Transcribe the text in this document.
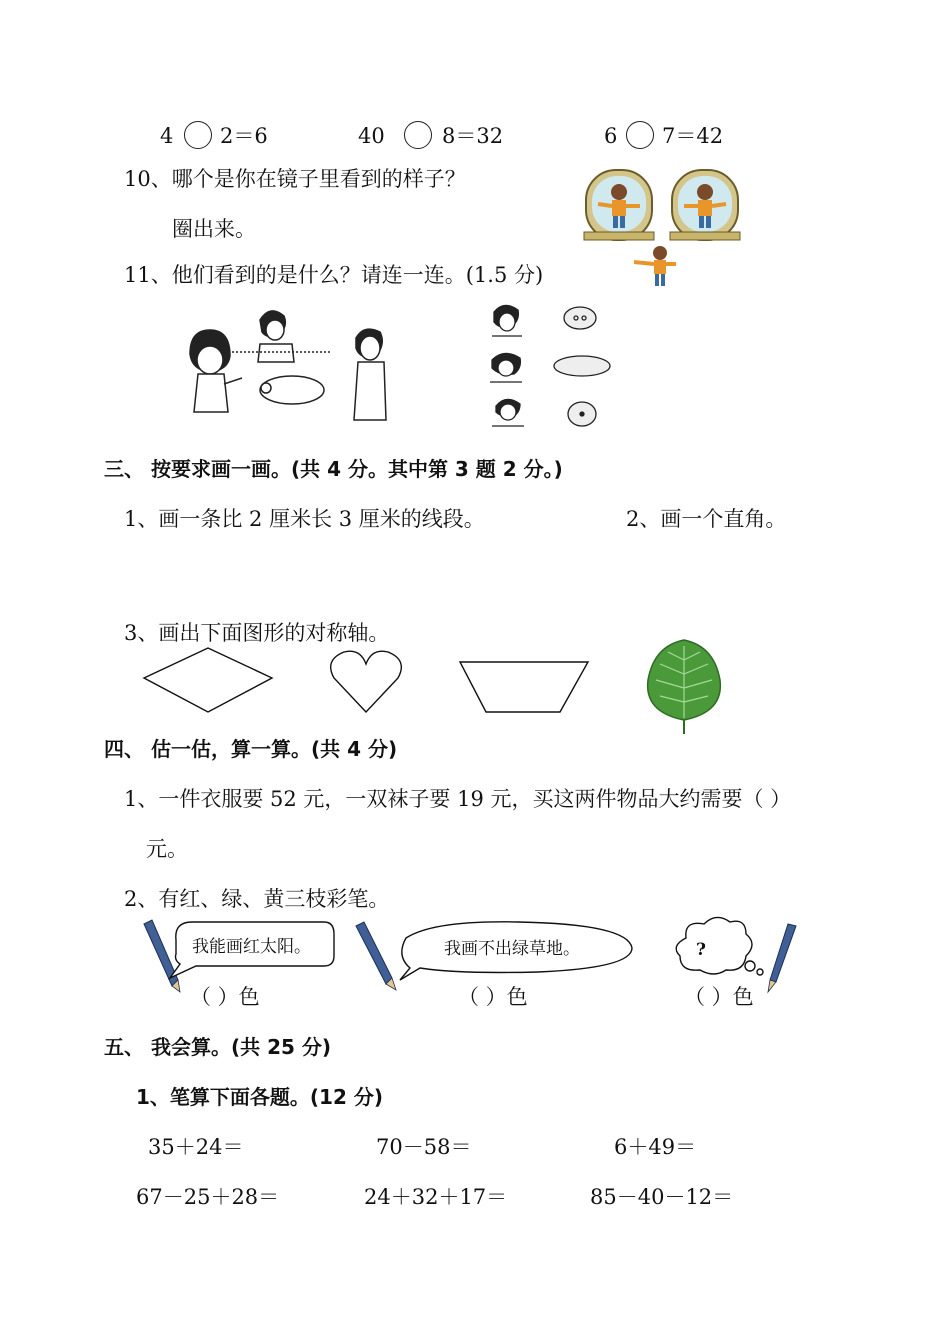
4 2＝6	40	8＝32	6 7＝42
10、哪个是你在镜子里看到的样子？
圈出来。
11、他们看到的是什么？请连一连。(1.5 分)
三、 按要求画一画。(共 4 分。其中第 3 题 2 分。)
1、画一条比 2 厘米长 3 厘米的线段。	2、画一个直角。
3、画出下面图形的对称轴。
四、 估一估，算一算。(共 4 分)
1、一件衣服要 52 元，一双袜子要 19 元，买这两件物品大约需要（ ）
元。
2、有红、绿、黄三枝彩笔。
我能画红太阳。	我画不出绿草地。	?
（ ）色	（ ）色	（ ）色
五、 我会算。(共 25 分)
1、笔算下面各题。(12 分)
35＋24＝	70－58＝	6＋49＝
67－25＋28＝	24＋32＋17＝	85－40－12＝
